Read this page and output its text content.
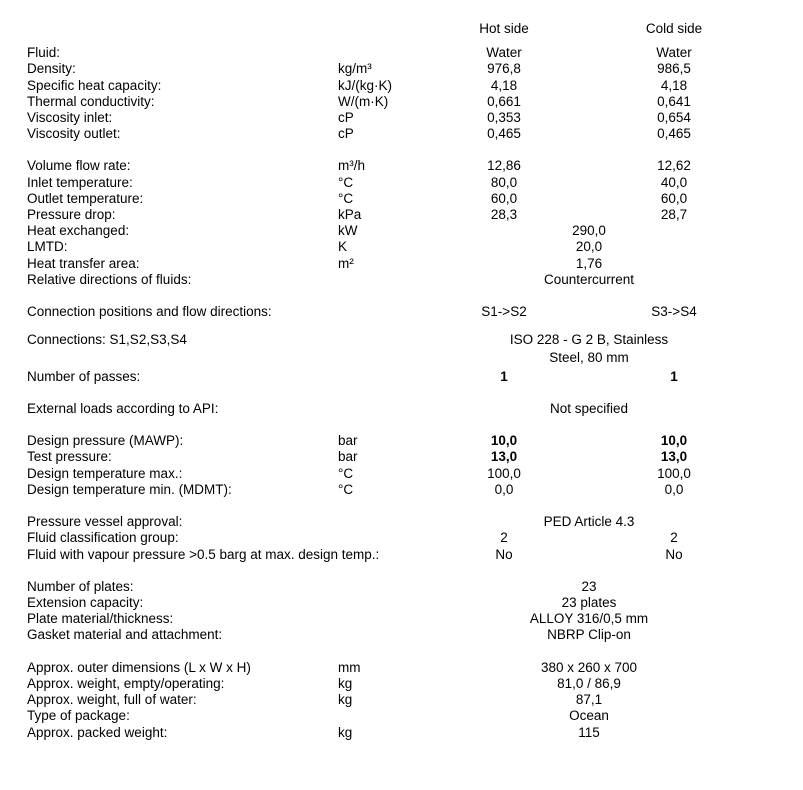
Hot side	Cold side
Fluid:	Water	Water
Density:	kg/m³	976,8	986,5
Specific heat capacity:	kJ/(kg·K)	4,18	4,18
Thermal conductivity:	W/(m·K)	0,661	0,641
Viscosity inlet:	cP	0,353	0,654
Viscosity outlet:	cP	0,465	0,465
Volume flow rate:	m³/h	12,86	12,62
Inlet temperature:	°C	80,0	40,0
Outlet temperature:	°C	60,0	60,0
Pressure drop:	kPa	28,3	28,7
Heat exchanged:	kW	290,0
LMTD:	K	20,0
Heat transfer area:	m²	1,76
Relative directions of fluids:	Countercurrent
Connection positions and flow directions:	S1->S2	S3->S4
Connections: S1,S2,S3,S4	ISO 228 - G 2 B, Stainless
Steel, 80 mm
Number of passes:	1	1
External loads according to API:	Not specified
Design pressure (MAWP):	bar	10,0	10,0
Test pressure:	bar	13,0	13,0
Design temperature max.:	°C	100,0	100,0
Design temperature min. (MDMT):	°C	0,0	0,0
Pressure vessel approval:	PED Article 4.3
Fluid classification group:	2	2
Fluid with vapour pressure >0.5 barg at max. design temp.:	No	No
Number of plates:	23
Extension capacity:	23 plates
Plate material/thickness:	ALLOY 316/0,5 mm
Gasket material and attachment:	NBRP Clip-on
Approx. outer dimensions (L x W x H)	mm	380 x 260 x 700
Approx. weight, empty/operating:	kg	81,0 / 86,9
Approx. weight, full of water:	kg	87,1
Type of package:	Ocean
Approx. packed weight:	kg	115
